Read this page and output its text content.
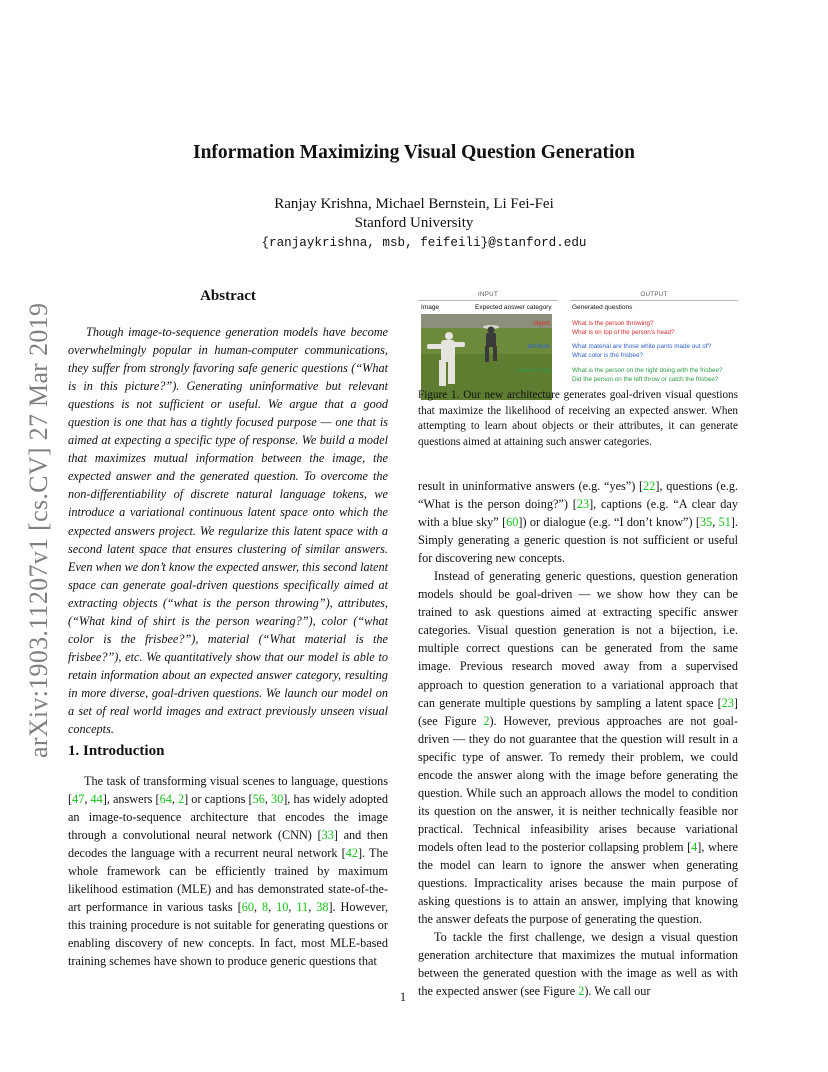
arXiv:1903.11207v1 [cs.CV] 27 Mar 2019
Information Maximizing Visual Question Generation
Ranjay Krishna, Michael Bernstein, Li Fei-Fei
Stanford University
{ranjaykrishna, msb, feifeili}@stanford.edu
Abstract
Though image-to-sequence generation models have become overwhelmingly popular in human-computer communications, they suffer from strongly favoring safe generic questions (“What is in this picture?”). Generating uninformative but relevant questions is not sufficient or useful. We argue that a good question is one that has a tightly focused purpose — one that is aimed at expecting a specific type of response. We build a model that maximizes mutual information between the image, the expected answer and the generated question. To overcome the non-differentiability of discrete natural language tokens, we introduce a variational continuous latent space onto which the expected answers project. We regularize this latent space with a second latent space that ensures clustering of similar answers. Even when we don’t know the expected answer, this second latent space can generate goal-driven questions specifically aimed at extracting objects (“what is the person throwing”), attributes, (“What kind of shirt is the person wearing?”), color (“what color is the frisbee?”), material (“What material is the frisbee?”), etc. We quantitatively show that our model is able to retain information about an expected answer category, resulting in more diverse, goal-driven questions. We launch our model on a set of real world images and extract previously unseen visual concepts.
1. Introduction
The task of transforming visual scenes to language, questions [47, 44], answers [64, 2] or captions [56, 30], has widely adopted an image-to-sequence architecture that encodes the image through a convolutional neural network (CNN) [33] and then decodes the language with a recurrent neural network [42]. The whole framework can be efficiently trained by maximum likelihood estimation (MLE) and has demonstrated state-of-the-art performance in various tasks [60, 8, 10, 11, 38]. However, this training procedure is not suitable for generating questions or enabling discovery of new concepts. In fact, most MLE-based training schemes have shown to produce generic questions that
INPUT	OUTPUT
Image	Expected answer category	Generated questions
object	What is the person throwing?
What is on top of the person’s head?
attribute	What material are those white pants made out of?
What color is the frisbee?
relationship	What is the person on the right doing with the frisbee?
Did the person on the left throw or catch the frisbee?
Figure 1. Our new architecture generates goal-driven visual questions that maximize the likelihood of receiving an expected answer. When attempting to learn about objects or their attributes, it can generate questions aimed at attaining such answer categories.

result in uninformative answers (e.g. “yes”) [22], questions (e.g. “What is the person doing?”) [23], captions (e.g. “A clear day with a blue sky” [60]) or dialogue (e.g. “I don’t know”) [35, 51]. Simply generating a generic question is not sufficient or useful for discovering new concepts.

Instead of generating generic questions, question generation models should be goal-driven — we show how they can be trained to ask questions aimed at extracting specific answer categories. Visual question generation is not a bijection, i.e. multiple correct questions can be generated from the same image. Previous research moved away from a supervised approach to question generation to a variational approach that can generate multiple questions by sampling a latent space [23] (see Figure 2). However, previous approaches are not goal-driven — they do not guarantee that the question will result in a specific type of answer. To remedy their problem, we could encode the answer along with the image before generating the question. While such an approach allows the model to condition its question on the answer, it is neither technically feasible nor practical. Technical infeasibility arises because variational models often lead to the posterior collapsing problem [4], where the model can learn to ignore the answer when generating questions. Impracticality arises because the main purpose of asking questions is to attain an answer, implying that knowing the answer defeats the purpose of generating the question.

To tackle the first challenge, we design a visual question generation architecture that maximizes the mutual information between the generated question with the image as well as with the expected answer (see Figure 2). We call our

1
